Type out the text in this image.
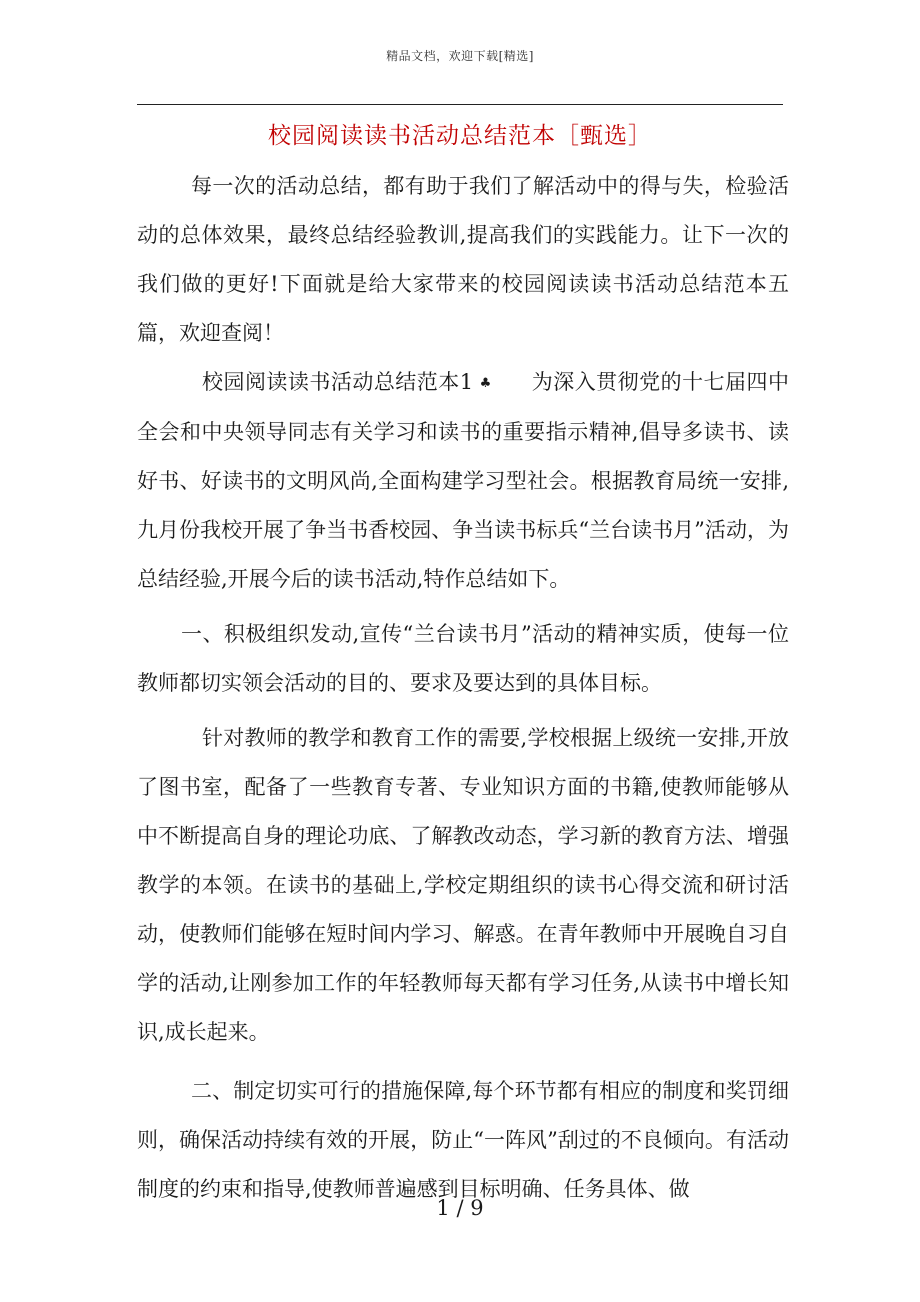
精品文档，欢迎下载[精选]
校园阅读读书活动总结范本［甄选］

每一次的活动总结，都有助于我们了解活动中的得与失，检验活动的总体效果，最终总结经验教训,提高我们的实践能力。让下一次的我们做的更好!下面就是给大家带来的校园阅读读书活动总结范本五篇，欢迎查阅！

校园阅读读书活动总结范本1 ♣ 为深入贯彻党的十七届四中全会和中央领导同志有关学习和读书的重要指示精神,倡导多读书、读好书、好读书的文明风尚,全面构建学习型社会。根据教育局统一安排,九月份我校开展了争当书香校园、争当读书标兵“兰台读书月”活动，为总结经验,开展今后的读书活动,特作总结如下。

一、积极组织发动,宣传“兰台读书月”活动的精神实质，使每一位教师都切实领会活动的目的、要求及要达到的具体目标。

针对教师的教学和教育工作的需要,学校根据上级统一安排,开放了图书室，配备了一些教育专著、专业知识方面的书籍,使教师能够从中不断提高自身的理论功底、了解教改动态，学习新的教育方法、增强教学的本领。在读书的基础上,学校定期组织的读书心得交流和研讨活动，使教师们能够在短时间内学习、解惑。在青年教师中开展晚自习自学的活动,让刚参加工作的年轻教师每天都有学习任务,从读书中增长知识,成长起来。

二、制定切实可行的措施保障,每个环节都有相应的制度和奖罚细则，确保活动持续有效的开展，防止“一阵风”刮过的不良倾向。有活动制度的约束和指导,使教师普遍感到目标明确、任务具体、做

1 / 9
